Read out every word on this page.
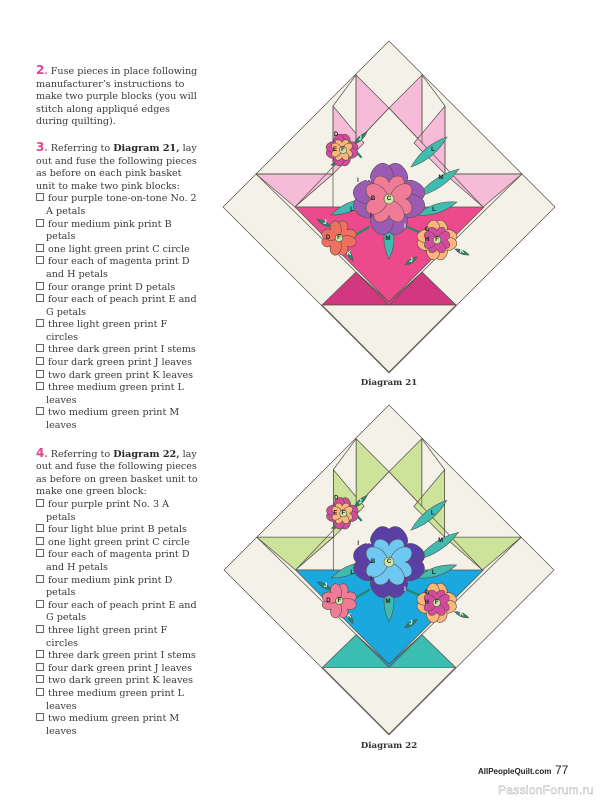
2. Fuse pieces in place following manufacturer’s instructions to make two purple blocks (you will stitch along appliqué edges during quilting).

3. Referring to Diagram 21, lay out and fuse the following pieces as before on each pink basket unit to make two pink blocks:

four purple tone-on-tone No. 2 A petals
four medium pink print B petals
one light green print C circle
four each of magenta print D and H petals
four orange print D petals
four each of peach print E and G petals
three light green print F circles
three dark green print I stems
four dark green print J leaves
two dark green print K leaves
three medium green print L leaves
two medium green print M leaves

4. Referring to Diagram 22, lay out and fuse the following pieces as before on green basket unit to make one green block:

four purple print No. 3 A petals
four light blue print B petals
one light green print C circle
four each of magenta print D and H petals
four medium pink print D petals
four each of peach print E and G petals
three light green print F circles
three dark green print I stems
four dark green print J leaves
two dark green print K leaves
three medium green print L leaves
two medium green print M leaves
L
M
L
L
M
J
J
K
J
K
C
B
A
I
I
I
F
E
D
F
D	F
H
G
L
M
L
L
M
J
J
K
J
K
C
B
A
I
I
I
F
E
D
F
D	F
H
G
Diagram 21
Diagram 22
AllPeopleQuilt.com 77
PassionForum.ru
